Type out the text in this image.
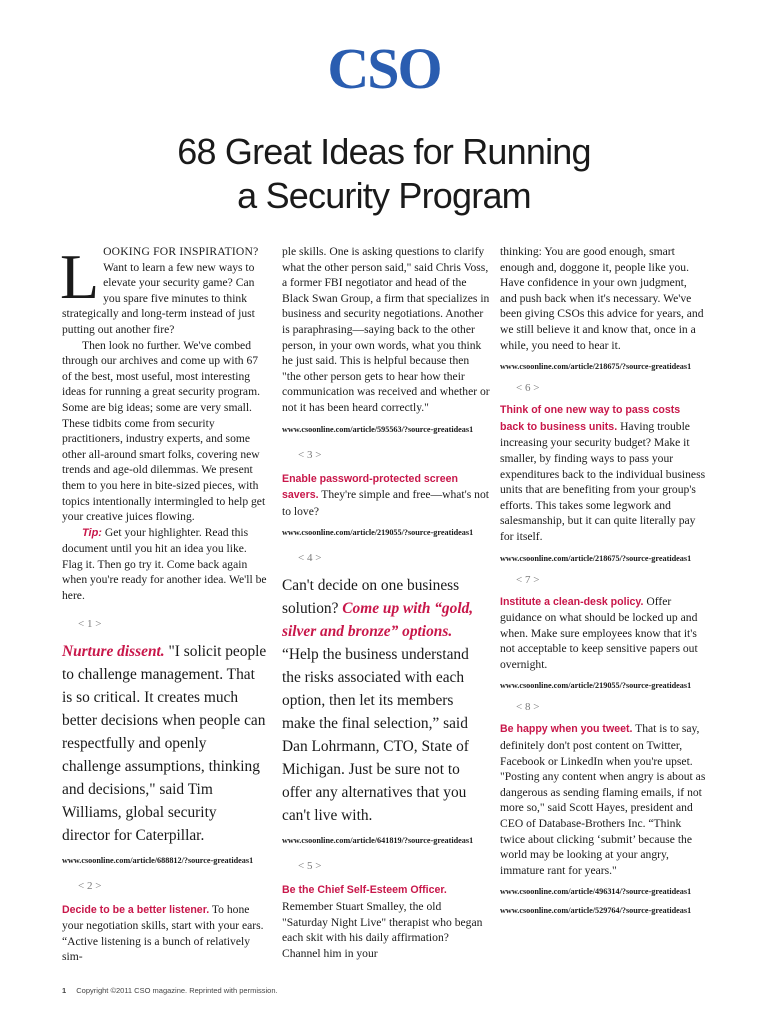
CSO
68 Great Ideas for Running
a Security Program

L OOKING FOR INSPIRATION? Want to learn a few new ways to elevate your security game? Can you spare five minutes to think strategically and long-term instead of just putting out another fire?

Then look no further. We've combed through our archives and come up with 67 of the best, most useful, most interesting ideas for running a great security program. Some are big ideas; some are very small. These tidbits come from security practitioners, industry experts, and some other all-around smart folks, covering new trends and age-old dilemmas. We present them to you here in bite-sized pieces, with topics intentionally intermingled to help get your creative juices flowing.

Tip: Get your highlighter. Read this document until you hit an idea you like. Flag it. Then go try it. Come back again when you're ready for another idea. We'll be here.

< 1 >

Nurture dissent. "I solicit people to challenge management. That is so critical. It creates much better decisions when people can respectfully and openly challenge assumptions, thinking and decisions," said Tim Williams, global security director for Caterpillar.

www.csoonline.com/article/688812/?source-greatideas1

< 2 >

Decide to be a better listener. To hone your negotiation skills, start with your ears. “Active listening is a bunch of relatively sim-

ple skills. One is asking questions to clarify what the other person said," said Chris Voss, a former FBI negotiator and head of the Black Swan Group, a firm that specializes in business and security negotiations. Another is paraphrasing—saying back to the other person, in your own words, what you think he just said. This is helpful because then "the other person gets to hear how their communication was received and whether or not it has been heard correctly."

www.csoonline.com/article/595563/?source-greatideas1

< 3 >

Enable password-protected screen savers. They're simple and free—what's not to love?

www.csoonline.com/article/219055/?source-greatideas1

< 4 >

Can't decide on one business solution? Come up with “gold, silver and bronze” options. “Help the business understand the risks associated with each option, then let its members make the final selection,” said Dan Lohrmann, CTO, State of Michigan. Just be sure not to offer any alternatives that you can't live with.

www.csoonline.com/article/641819/?source-greatideas1

< 5 >

Be the Chief Self-Esteem Officer. Remember Stuart Smalley, the old "Saturday Night Live" therapist who began each skit with his daily affirmation? Channel him in your

thinking: You are good enough, smart enough and, doggone it, people like you. Have confidence in your own judgment, and push back when it's necessary. We've been giving CSOs this advice for years, and we still believe it and know that, once in a while, you need to hear it.

www.csoonline.com/article/218675/?source-greatideas1

< 6 >

Think of one new way to pass costs back to business units. Having trouble increasing your security budget? Make it smaller, by finding ways to pass your expenditures back to the individual business units that are benefiting from your group's efforts. This takes some legwork and salesmanship, but it can quite literally pay for itself.

www.csoonline.com/article/218675/?source-greatideas1

< 7 >

Institute a clean-desk policy. Offer guidance on what should be locked up and when. Make sure employees know that it's not acceptable to keep sensitive papers out overnight.

www.csoonline.com/article/219055/?source-greatideas1

< 8 >

Be happy when you tweet. That is to say, definitely don't post content on Twitter, Facebook or LinkedIn when you're upset. "Posting any content when angry is about as dangerous as sending flaming emails, if not more so," said Scott Hayes, president and CEO of Database-Brothers Inc. “Think twice about clicking ‘submit’ because the world may be looking at your angry, immature rant for years."

www.csoonline.com/article/496314/?source-greatideas1

www.csoonline.com/article/529764/?source-greatideas1

1 Copyright ©2011 CSO magazine. Reprinted with permission.
